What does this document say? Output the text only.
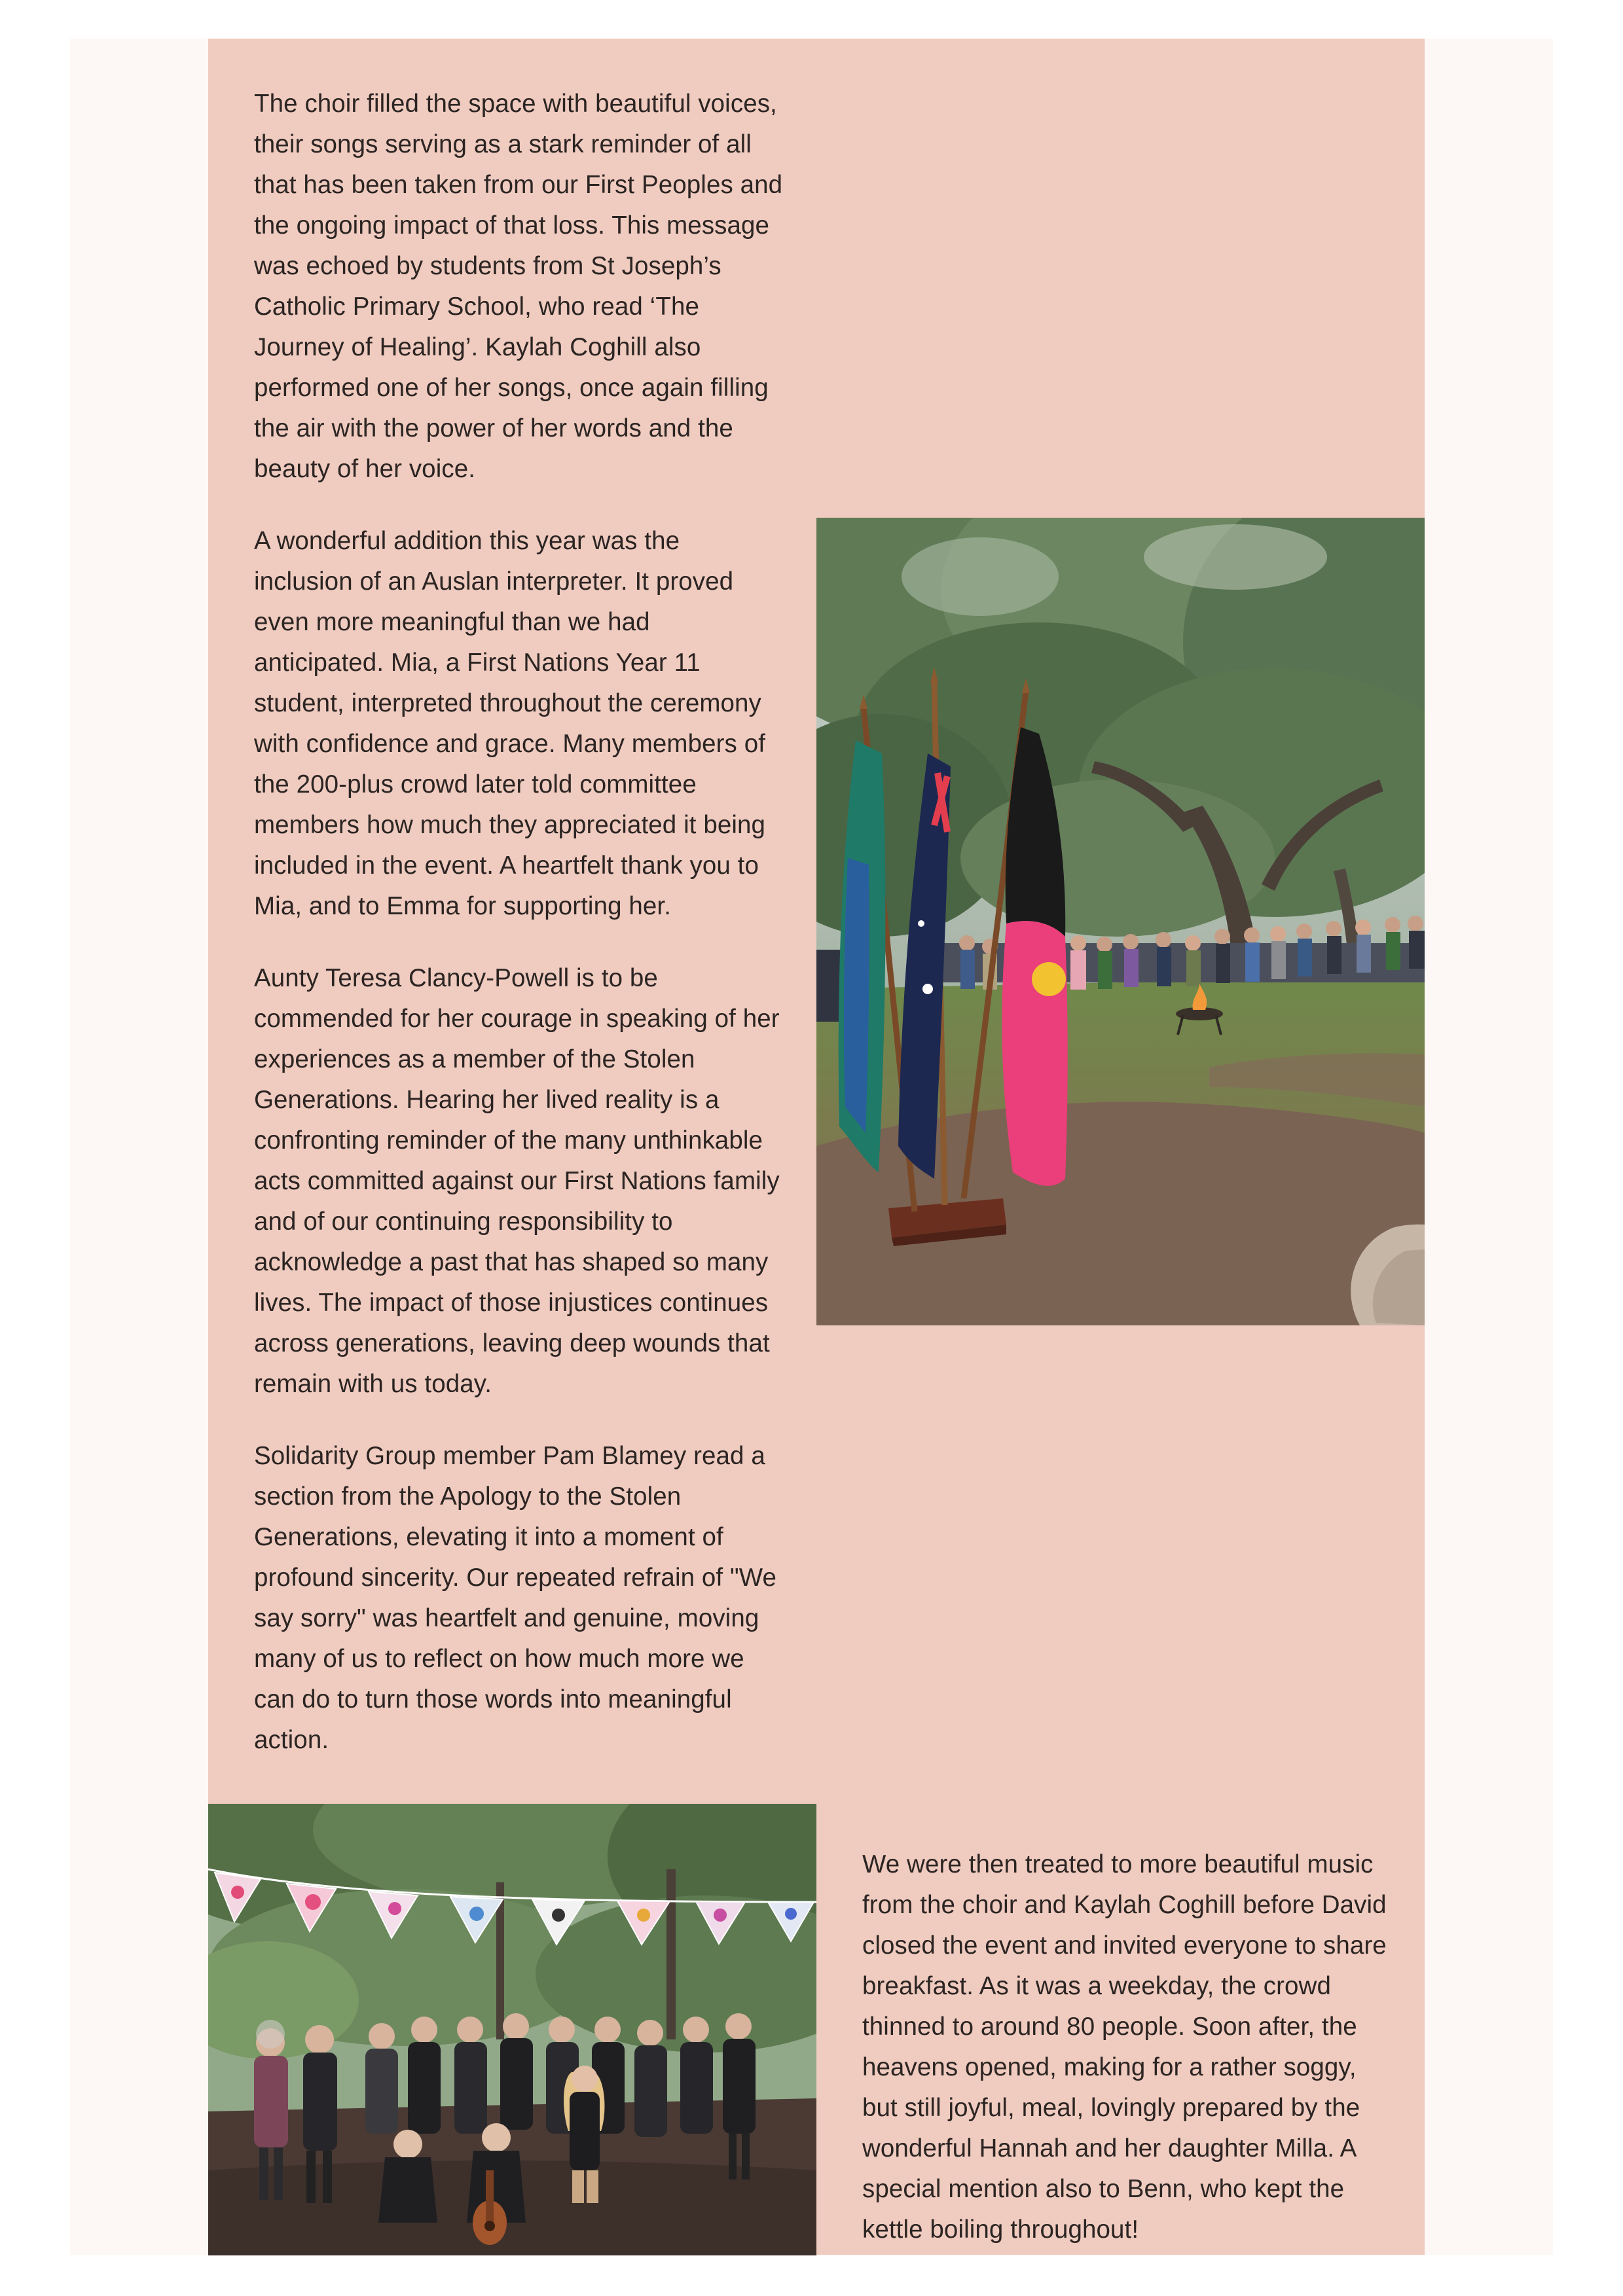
The choir filled the space with beautiful voices, their songs serving as a stark reminder of all that has been taken from our First Peoples and the ongoing impact of that loss. This message was echoed by students from St Joseph’s Catholic Primary School, who read ‘The Journey of Healing’. Kaylah Coghill also performed one of her songs, once again filling the air with the power of her words and the beauty of her voice.

A wonderful addition this year was the inclusion of an Auslan interpreter. It proved even more meaningful than we had anticipated. Mia, a First Nations Year 11 student, interpreted throughout the ceremony with confidence and grace. Many members of the 200-plus crowd later told committee members how much they appreciated it being included in the event. A heartfelt thank you to Mia, and to Emma for supporting her.

Aunty Teresa Clancy-Powell is to be commended for her courage in speaking of her experiences as a member of the Stolen Generations. Hearing her lived reality is a confronting reminder of the many unthinkable acts committed against our First Nations family and of our continuing responsibility to acknowledge a past that has shaped so many lives. The impact of those injustices continues across generations, leaving deep wounds that remain with us today.

Solidarity Group member Pam Blamey read a section from the Apology to the Stolen Generations, elevating it into a moment of profound sincerity. Our repeated refrain of "We say sorry" was heartfelt and genuine, moving many of us to reflect on how much more we can do to turn those words into meaningful action.

We were then treated to more beautiful music from the choir and Kaylah Coghill before David closed the event and invited everyone to share breakfast. As it was a weekday, the crowd thinned to around 80 people. Soon after, the heavens opened, making for a rather soggy, but still joyful, meal, lovingly prepared by the wonderful Hannah and her daughter Milla. A special mention also to Benn, who kept the kettle boiling throughout!
